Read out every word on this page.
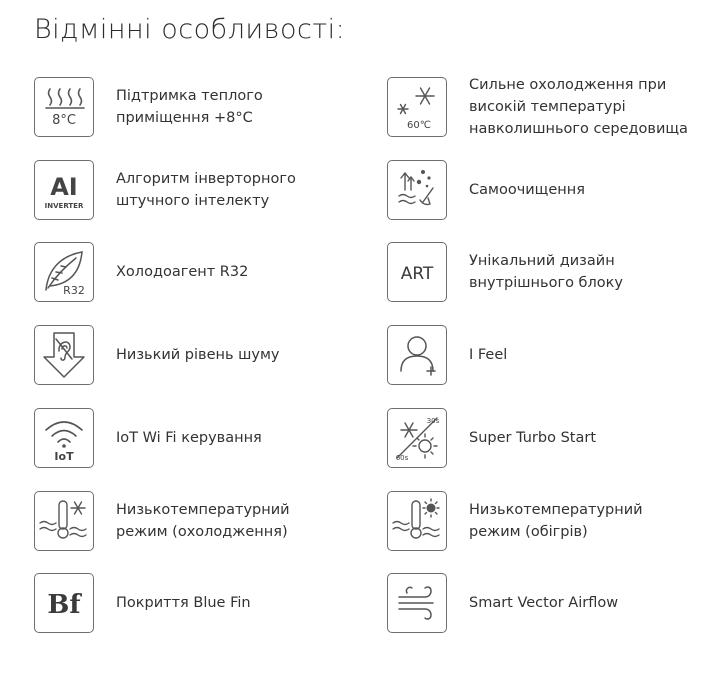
Відмінні особливості:
8°C
Підтримка теплого
приміщення +8°С
AI
INVERTER
Алгоритм інверторного
штучного інтелекту
R32
Холодоагент R32
Низький рівень шуму
IoT
IoT Wi Fi керування
Низькотемпературний
режим (охолодження)
Bf Покриття Blue Fin
60℃
Сильне охолодження при
високій температурі
навколишнього середовища
Самоочищення
ART
Унікальний дизайн
внутрішнього блоку
I Feel
30s
60s
Super Turbo Start
Низькотемпературний
режим (обігрів)
Smart Vector Airflow
